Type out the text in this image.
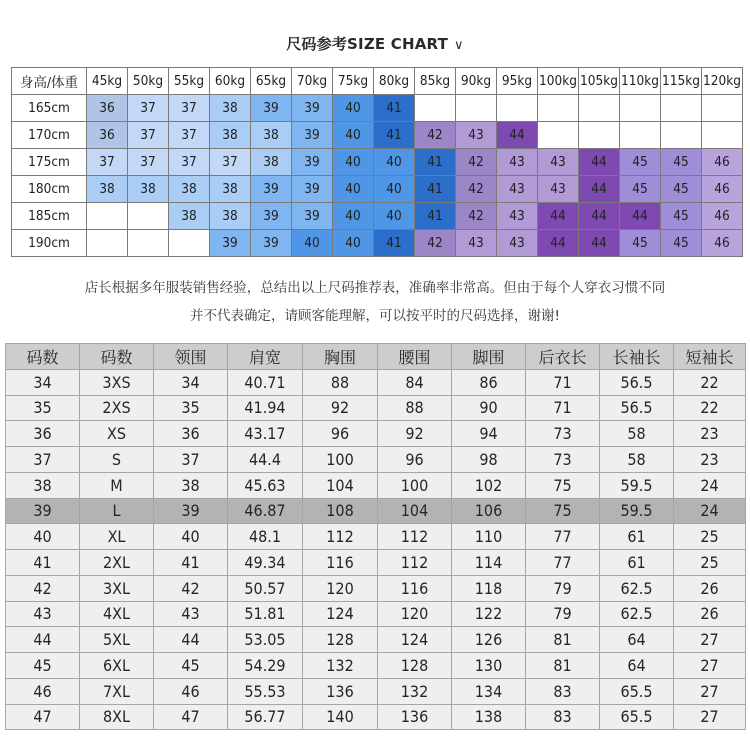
尺码参考SIZE CHART ∨
身高/体重	45kg	50kg	55kg	60kg	65kg	70kg	75kg	80kg	85kg	90kg	95kg	100kg	105kg	110kg	115kg	120kg
165cm	36	37	37	38	39	39	40	41								
170cm	36	37	37	38	38	39	40	41	42	43	44					
175cm	37	37	37	37	38	39	40	40	41	42	43	43	44	45	45	46
180cm	38	38	38	38	39	39	40	40	41	42	43	43	44	45	45	46
185cm			38	38	39	39	40	40	41	42	43	44	44	44	45	46
190cm				39	39	40	40	41	42	43	43	44	44	45	45	46
店长根据多年服装销售经验，总结出以上尺码推荐表，准确率非常高。但由于每个人穿衣习惯不同
并不代表确定，请顾客能理解，可以按平时的尺码选择，谢谢!
码数	码数	领围	肩宽	胸围	腰围	脚围	后衣长	长袖长	短袖长
34	3XS	34	40.71	88	84	86	71	56.5	22
35	2XS	35	41.94	92	88	90	71	56.5	22
36	XS	36	43.17	96	92	94	73	58	23
37	S	37	44.4	100	96	98	73	58	23
38	M	38	45.63	104	100	102	75	59.5	24
39	L	39	46.87	108	104	106	75	59.5	24
40	XL	40	48.1	112	112	110	77	61	25
41	2XL	41	49.34	116	112	114	77	61	25
42	3XL	42	50.57	120	116	118	79	62.5	26
43	4XL	43	51.81	124	120	122	79	62.5	26
44	5XL	44	53.05	128	124	126	81	64	27
45	6XL	45	54.29	132	128	130	81	64	27
46	7XL	46	55.53	136	132	134	83	65.5	27
47	8XL	47	56.77	140	136	138	83	65.5	27
